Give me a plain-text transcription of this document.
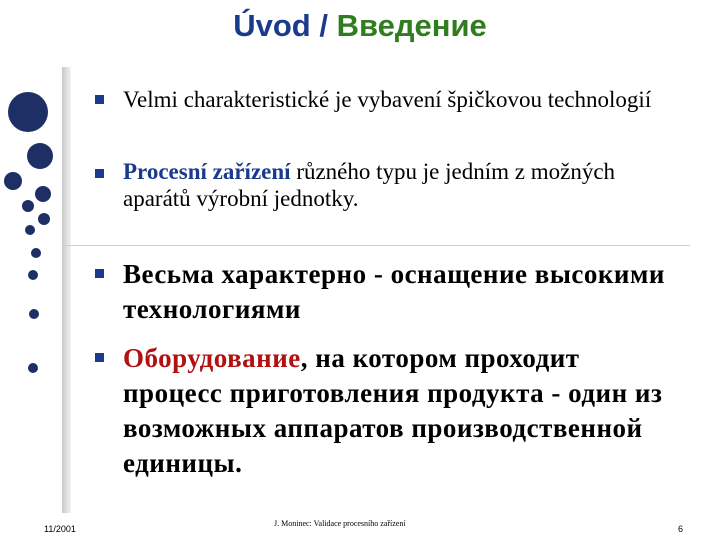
Úvod / Введение
Velmi charakteristické je vybavení špičkovou technologií
Procesní zařízení různého typu je jedním z možných aparátů výrobní jednotky.
Весьма характерно - оснащение высокими технологиями
Оборудование, на котором проходит процесс приготовления продукта - один из возможных аппаратов производственной единицы.
11/2001
J. Moninec: Validace procesního zařízení
6
